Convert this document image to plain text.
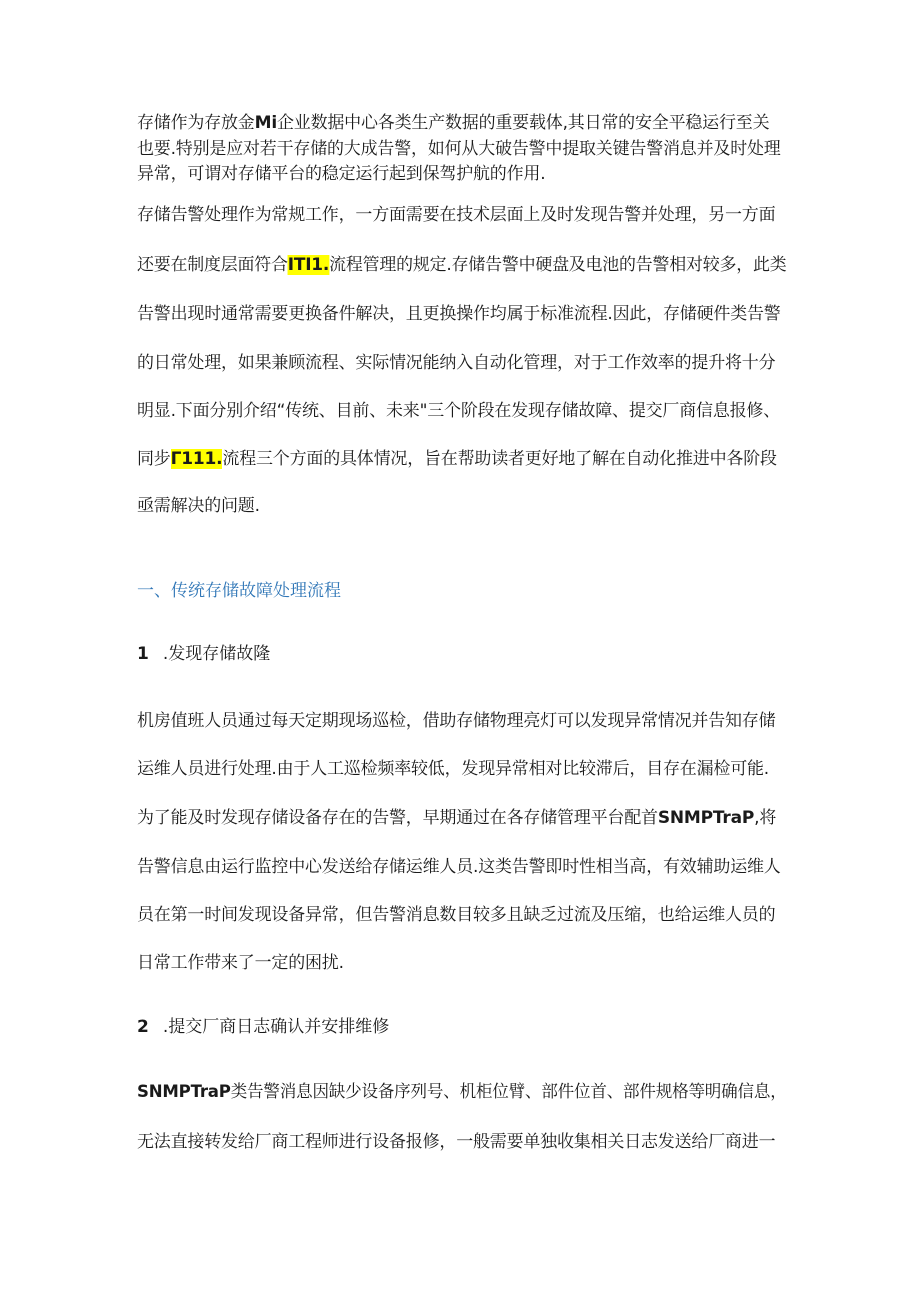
存储作为存放金Mi企业数据中心各类生产数据的重要载体,其日常的安全平稳运行至关
也要.特别是应对若干存储的大成告警，如何从大破告警中提取关键告警消息并及时处理
异常，可谓对存储平台的稳定运行起到保驾护航的作用.
存储告警处理作为常规工作，一方面需要在技术层面上及时发现告警并处理，另一方面
还要在制度层面符合ITI1.流程管理的规定.存储告警中硬盘及电池的告警相对较多，此类
告警出现时通常需要更换备件解决，且更换操作均属于标准流程.因此，存储硬件类告警
的日常处理，如果兼顾流程、实际情况能纳入自动化管理，对于工作效率的提升将十分
明显.下面分别介绍“传统、目前、未来"三个阶段在发现存储故障、提交厂商信息报修、
同步Γ111.流程三个方面的具体情况，旨在帮助读者更好地了解在自动化推进中各阶段
亟需解决的问题.
一、传统存储故障处理流程
1 .发现存储故隆
机房值班人员通过每天定期现场巡检，借助存储物理亮灯可以发现异常情况并告知存储
运维人员进行处理.由于人工巡检频率较低，发现异常相对比较滞后，目存在漏检可能.
为了能及时发现存储设备存在的告警，早期通过在各存储管理平台配首SNMPTraP,将
告警信息由运行监控中心发送给存储运维人员.这类告警即时性相当高，有效辅助运维人
员在第一时间发现设备异常，但告警消息数目较多且缺乏过流及压缩，也给运维人员的
日常工作带来了一定的困扰.
2 .提交厂商日志确认并安排维修
SNMPTraP类告警消息因缺少设备序列号、机柜位臂、部件位首、部件规格等明确信息，
无法直接转发给厂商工程师进行设备报修，一般需要单独收集相关日志发送给厂商进一
